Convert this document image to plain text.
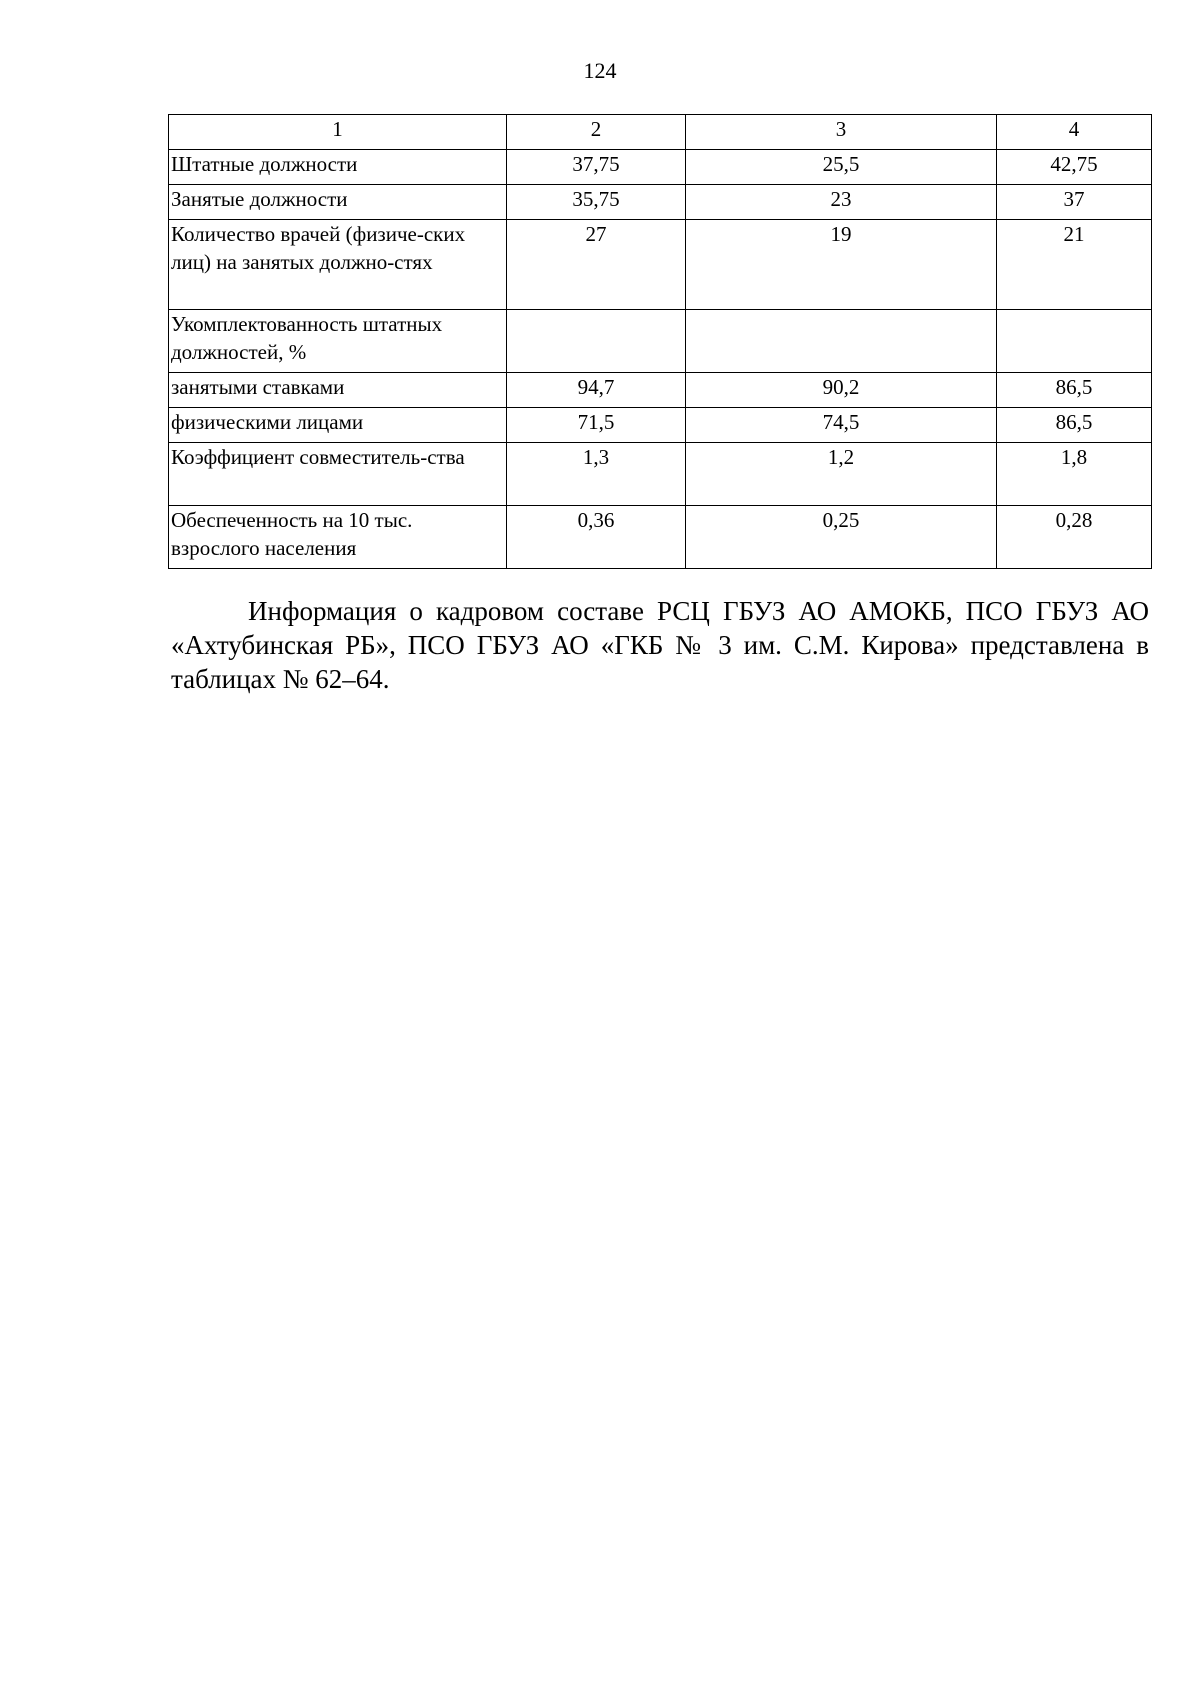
124
1	2	3	4
Штатные должности	37,75	25,5	42,75
Занятые должности	35,75	23	37
Количество врачей (физиче-ских лиц) на занятых должно-стях	27	19	21
Укомплектованность штатных должностей, %			
занятыми ставками	94,7	90,2	86,5
физическими лицами	71,5	74,5	86,5
Коэффициент совместитель-ства	1,3	1,2	1,8
Обеспеченность на 10 тыс. взрослого населения	0,36	0,25	0,28

Информация о кадровом составе РСЦ ГБУЗ АО АМОКБ, ПСО ГБУЗ АО «Ахтубинская РБ», ПСО ГБУЗ АО «ГКБ № 3 им. С.М. Кирова» представлена в таблицах № 62–64.
